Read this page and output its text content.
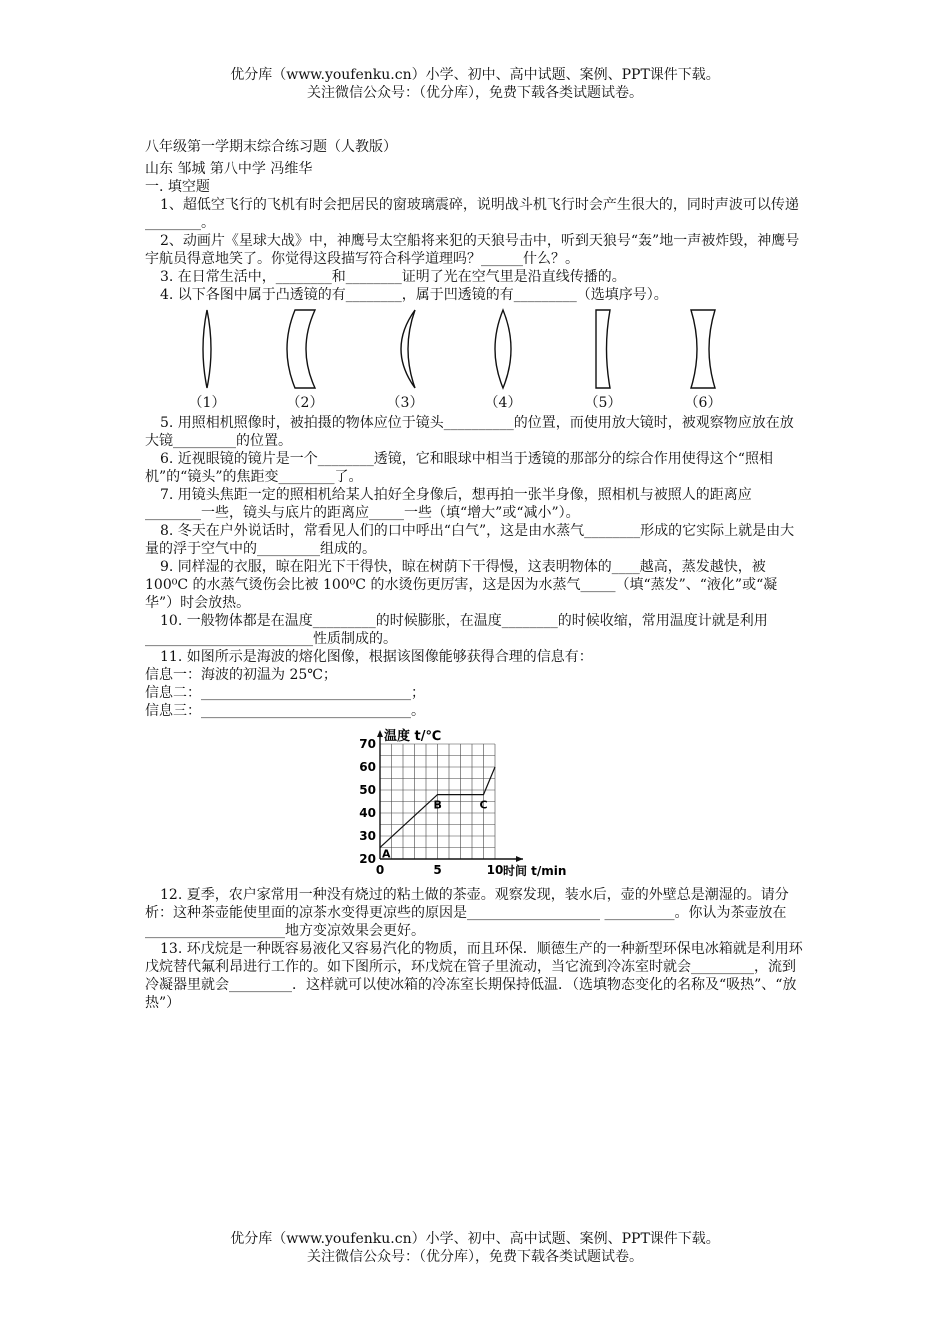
优分库（www.youfenku.cn）小学、初中、高中试题、案例、PPT课件下载。
关注微信公众号：（优分库），免费下载各类试题试卷。

八年级第一学期末综合练习题（人教版）

山东 邹城 第八中学 冯维华

一. 填空题

1、超低空飞行的飞机有时会把居民的窗玻璃震碎，说明战斗机飞行时会产生很大的，同时声波可以传递________。

2、动画片《星球大战》中，神鹰号太空船将来犯的天狼号击中，听到天狼号“轰”地一声被炸毁，神鹰号宇航员得意地笑了。你觉得这段描写符合科学道理吗？______什么？。

3. 在日常生活中，________和________证明了光在空气里是沿直线传播的。

4. 以下各图中属于凸透镜的有________，属于凹透镜的有_________（选填序号）。

（1）	（2）	（3）	（4）	（5）	（6）

5. 用照相机照像时，被拍摄的物体应位于镜头__________的位置，而使用放大镜时，被观察物应放在放大镜_________的位置。

6. 近视眼镜的镜片是一个________透镜，它和眼球中相当于透镜的那部分的综合作用使得这个“照相机”的“镜头”的焦距变________了。

7. 用镜头焦距一定的照相机给某人拍好全身像后，想再拍一张半身像，照相机与被照人的距离应________一些，镜头与底片的距离应_____一些（填“增大”或“减小”）。

8. 冬天在户外说话时，常看见人们的口中呼出“白气”，这是由水蒸气________形成的它实际上就是由大量的浮于空气中的_________组成的。

9. 同样湿的衣服，晾在阳光下干得快，晾在树荫下干得慢，这表明物体的____越高，蒸发越快，被 100⁰C 的水蒸气烫伤会比被 100⁰C 的水烫伤更厉害，这是因为水蒸气_____（填“蒸发”、“液化”或“凝华”）时会放热。

10. 一般物体都是在温度_________的时候膨胀，在温度________的时候收缩，常用温度计就是利用________________________性质制成的。

11. 如图所示是海波的熔化图像，根据该图像能够获得合理的信息有：

信息一：海波的初温为 25℃；

信息二：______________________________；

信息三：______________________________。

20
30
40
50
60
70
0	5	10
A
B	C
温度 t/℃
时间 t/min

12. 夏季，农户家常用一种没有烧过的粘土做的茶壶。观察发现，装水后，壶的外壁总是潮湿的。请分析：这种茶壶能使里面的凉茶水变得更凉些的原因是___________________ __________。你认为茶壶放在____________________地方变凉效果会更好。

13. 环戊烷是一种既容易液化又容易汽化的物质，而且环保．顺德生产的一种新型环保电冰箱就是利用环戊烷替代氟利昂进行工作的。如下图所示，环戊烷在管子里流动，当它流到冷冻室时就会_________，流到冷凝器里就会_________．这样就可以使冰箱的冷冻室长期保持低温．（选填物态变化的名称及“吸热”、“放热”）

优分库（www.youfenku.cn）小学、初中、高中试题、案例、PPT课件下载。
关注微信公众号：（优分库），免费下载各类试题试卷。
